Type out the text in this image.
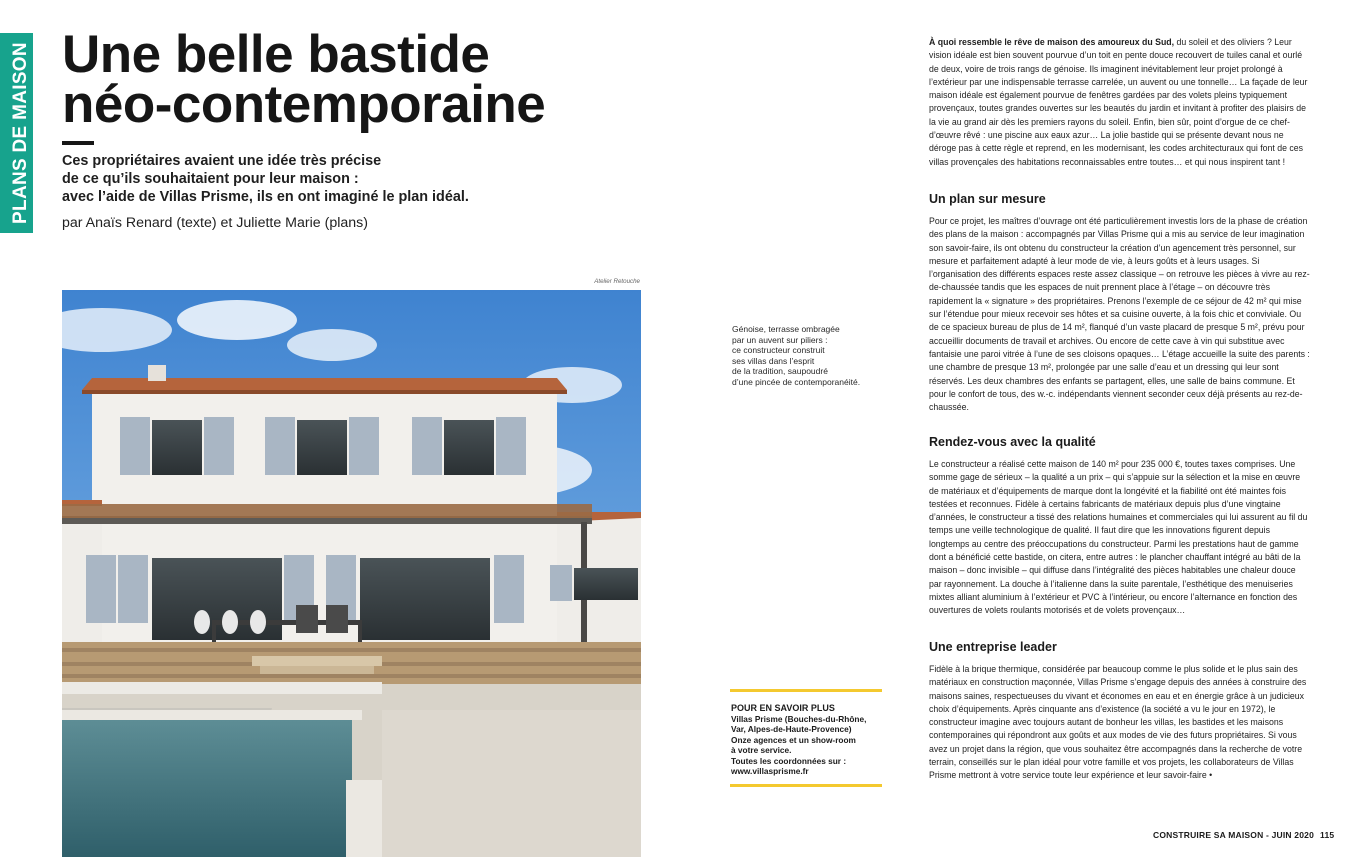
PLANS DE MAISON Une belle bastide
néo-contemporaine
Ces propriétaires avaient une idée très précise
de ce qu’ils souhaitaient pour leur maison :
avec l’aide de Villas Prisme, ils en ont imaginé le plan idéal.
par Anaïs Renard (texte) et Juliette Marie (plans)
Atelier Retouche
Génoise, terrasse ombragée
par un auvent sur piliers :
ce constructeur construit
ses villas dans l’esprit
de la tradition, saupoudré
d’une pincée de contemporanéité.
POUR EN SAVOIR PLUS
Villas Prisme (Bouches-du-Rhône,
Var, Alpes-de-Haute-Provence)
Onze agences et un show-room
à votre service.
Toutes les coordonnées sur :
www.villasprisme.fr

À quoi ressemble le rêve de maison des amoureux du Sud, du soleil et des oliviers ? Leur vision idéale est bien souvent pourvue d’un toit en pente douce recouvert de tuiles canal et ourlé de deux, voire de trois rangs de génoise. Ils imaginent inévitablement leur projet prolongé à l’extérieur par une indispensable terrasse carrelée, un auvent ou une tonnelle… La façade de leur maison idéale est également pourvue de fenêtres gardées par des volets pleins typiquement provençaux, toutes grandes ouvertes sur les beautés du jardin et invitant à profiter des plaisirs de la vie au grand air dès les premiers rayons du soleil. Enfin, bien sûr, point d’orgue de ce chef-d’œuvre rêvé : une piscine aux eaux azur… La jolie bastide qui se présente devant nous ne déroge pas à cette règle et reprend, en les modernisant, les codes architecturaux qui font de ces villas provençales des habitations reconnaissables entre toutes… et qui nous inspirent tant !

Un plan sur mesure

Pour ce projet, les maîtres d’ouvrage ont été particulièrement investis lors de la phase de création des plans de la maison : accompagnés par Villas Prisme qui a mis au service de leur imagination son savoir-faire, ils ont obtenu du constructeur la création d’un agencement très personnel, sur mesure et parfaitement adapté à leur mode de vie, à leurs goûts et à leurs usages. Si l’organisation des différents espaces reste assez classique – on retrouve les pièces à vivre au rez-de-chaussée tandis que les espaces de nuit prennent place à l’étage – on découvre très rapidement la « signature » des propriétaires. Prenons l’exemple de ce séjour de 42 m² qui mise sur l’étendue pour mieux recevoir ses hôtes et sa cuisine ouverte, à la fois chic et conviviale. Ou de ce spacieux bureau de plus de 14 m², flanqué d’un vaste placard de presque 5 m², prévu pour accueillir documents de travail et archives. Ou encore de cette cave à vin qui substitue avec fantaisie une paroi vitrée à l’une de ses cloisons opaques… L’étage accueille la suite des parents : une chambre de presque 13 m², prolongée par une salle d’eau et un dressing qui leur sont réservés. Les deux chambres des enfants se partagent, elles, une salle de bains commune. Et pour le confort de tous, des w.-c. indépendants viennent seconder ceux déjà présents au rez-de-chaussée.

Rendez-vous avec la qualité

Le constructeur a réalisé cette maison de 140 m² pour 235 000 €, toutes taxes comprises. Une somme gage de sérieux – la qualité a un prix – qui s’appuie sur la sélection et la mise en œuvre de matériaux et d’équipements de marque dont la longévité et la fiabilité ont été maintes fois testées et reconnues. Fidèle à certains fabricants de matériaux depuis plus d’une vingtaine d’années, le constructeur a tissé des relations humaines et commerciales qui lui assurent au fil du temps une veille technologique de qualité. Il faut dire que les innovations figurent depuis longtemps au centre des préoccupations du constructeur. Parmi les prestations haut de gamme dont a bénéficié cette bastide, on citera, entre autres : le plancher chauffant intégré au bâti de la maison – donc invisible – qui diffuse dans l’intégralité des pièces habitables une chaleur douce par rayonnement. La douche à l’italienne dans la suite parentale, l’esthétique des menuiseries mixtes alliant aluminium à l’extérieur et PVC à l’intérieur, ou encore l’alternance en fonction des ouvertures de volets roulants motorisés et de volets provençaux…

Une entreprise leader

Fidèle à la brique thermique, considérée par beaucoup comme le plus solide et le plus sain des matériaux en construction maçonnée, Villas Prisme s’engage depuis des années à construire des maisons saines, respectueuses du vivant et économes en eau et en énergie grâce à un judicieux choix d’équipements. Après cinquante ans d’existence (la société a vu le jour en 1972), le constructeur imagine avec toujours autant de bonheur les villas, les bastides et les maisons contemporaines qui répondront aux goûts et aux modes de vie des futurs propriétaires. Si vous avez un projet dans la région, que vous souhaitez être accompagnés dans la recherche de votre terrain, conseillés sur le plan idéal pour votre famille et vos projets, les collaborateurs de Villas Prisme mettront à votre service toute leur expérience et leur savoir-faire •

CONSTRUIRE SA MAISON - JUIN 2020 115
